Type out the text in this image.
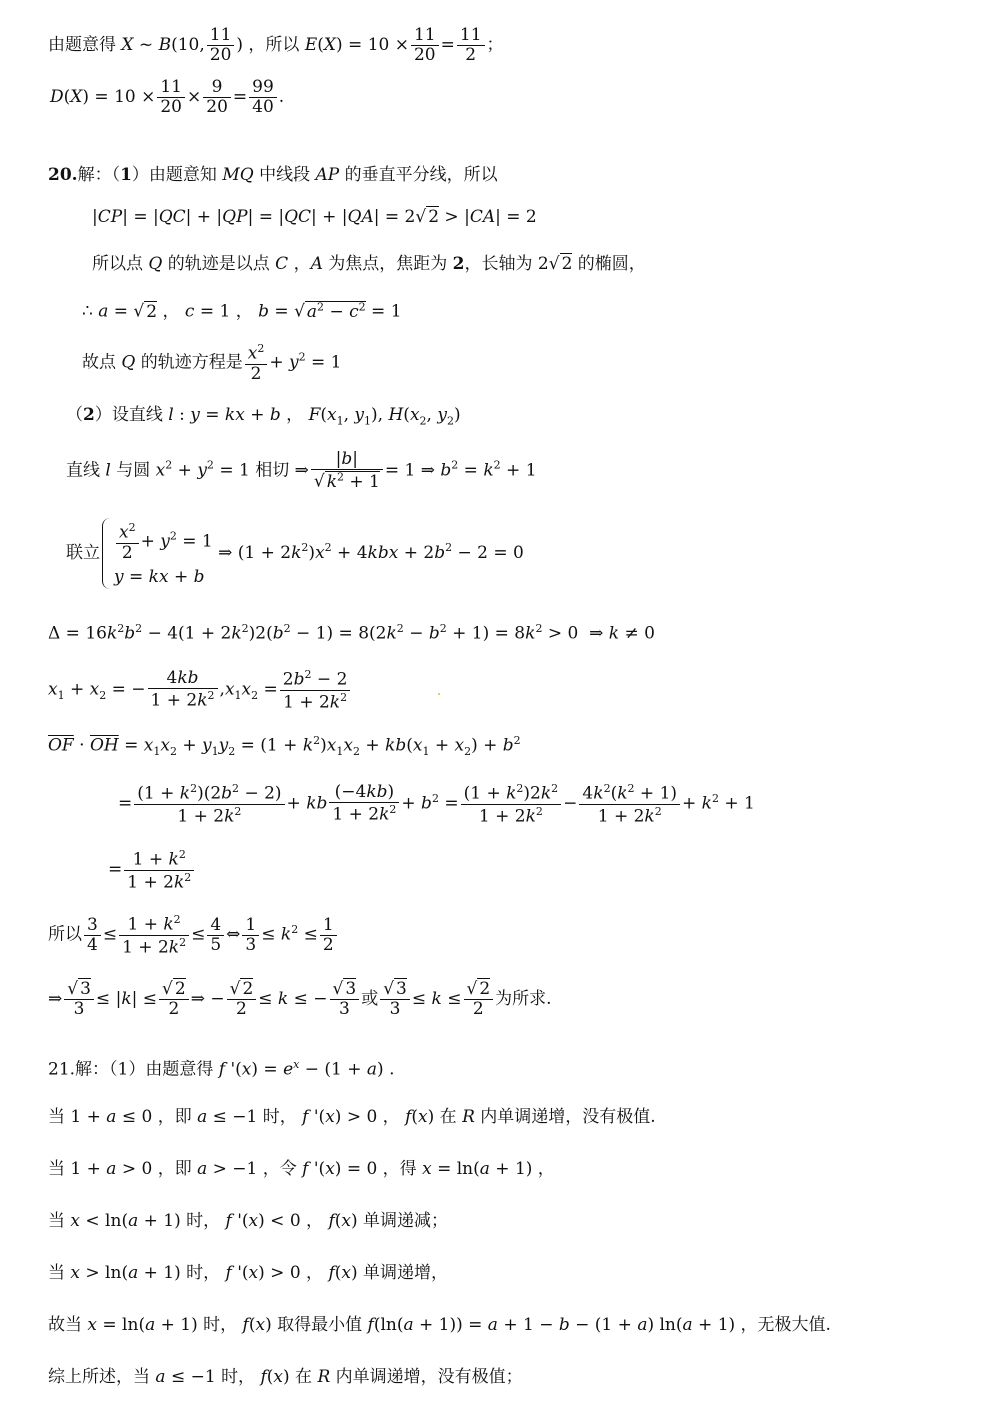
由题意得 X ~ B(10, $\frac{11}{20}$ ) ，所以 $E(X) = 10 \times \frac{11}{20} = \frac{11}{2}$ ；
$D(X) = 10 \times \frac{11}{20} \times \frac{9}{20} = \frac{99}{40}$ .
20.解：（1）由题意知 MQ 中线段 AP 的垂直平分线，所以
|CP| = |QC| + |QP| = |QC| + |QA| = 2√ 2 > |CA| = 2
所以点 Q 的轨迹是以点 C ，A 为焦点，焦距为 2，长轴为 2√ 2 的椭圆，
∴ a = √ 2 ， c = 1 ， b = √ $a^2 - c^2 = 1$
故点 Q 的轨迹方程是 $\frac{x^2}{2} + y^2 = 1$
（2）设直线 l : y = kx + b ， $F(x_1$, $y_1$), $H(x_2$, $y_2$)
直线 l 与圆 $x^2 + y^2 = 1$ 相切 ⇒ $\frac{|b|}{√ k^2 + 1} = 1$ ⇒ $b^2 = k^2 + 1$
联立 $\frac{x^2}{2} + y^2 = 1$
y = kx + b
⇒ $(1 + 2k^2)x^2 + 4kbx + 2b^2 - 2 = 0$
$\Delta = 16k^2b^2 - 4(1 + 2k^2)2(b^2 - 1) = 8(2k^2 - b^2 + 1) = 8k^2 > 0$  ⇒ k ≠ 0
$x_1 + x_2$ = − $\frac{4kb}{1 + 2k^2} ,x_1x_2 = \frac{2b^2 - 2}{1 + 2k^2}$
$\overline{OF} \cdot \overline{OH} = x_1x_2 + y_1y_2 = (1 + k^2)x_1x_2 + kb(x_1 + x_2) + b^2$
= $\frac{(1 + k^2)(2b^2 - 2)}{1 + 2k^2}$ + kb $\frac{(-4kb)}{1 + 2k^2} + b^2 = \frac{(1 + k^2)2k^2}{1 + 2k^2} - \frac{4k^2(k^2 + 1)}{1 + 2k^2} + k^2 + 1$
= $\frac{1 + k^2}{1 + 2k^2}$
所以 $\frac{3}{4} \le \frac{1 + k^2}{1 + 2k^2} \le \frac{4}{5}$ ⇔ $\frac{1}{3} \le k^2 \le \frac{1}{2}$
⇒ $\frac{√ 3}{3} \le |k| \le \frac{√ 2}{2}$ ⇒ − $\frac{√ 2}{2} \le k$ ≤ − $\frac{√ 3}{3}$ 或 $\frac{√ 3}{3} \le k \le \frac{√ 2}{2}$ 为所求.
21.解：（1）由题意得 f '$(x) = e^x - (1 + a)$ .
当 1 + a ≤ 0 ，即 a ≤ −1 时， f '(x) > 0 ， f(x) 在 R 内单调递增，没有极值.
当 1 + a > 0 ，即 a > −1 ，令 f '(x) = 0 ，得 x = ln(a + 1) ，
当 x < ln(a + 1) 时， f '(x) < 0 ， f(x) 单调递减；
当 x > ln(a + 1) 时， f '(x) > 0 ， f(x) 单调递增，
故当 x = ln(a + 1) 时， f(x) 取得最小值 f(ln(a + 1)) = a + 1 − b − (1 + a) ln(a + 1) ，无极大值.
综上所述，当 a ≤ −1 时， f(x) 在 R 内单调递增，没有极值；
